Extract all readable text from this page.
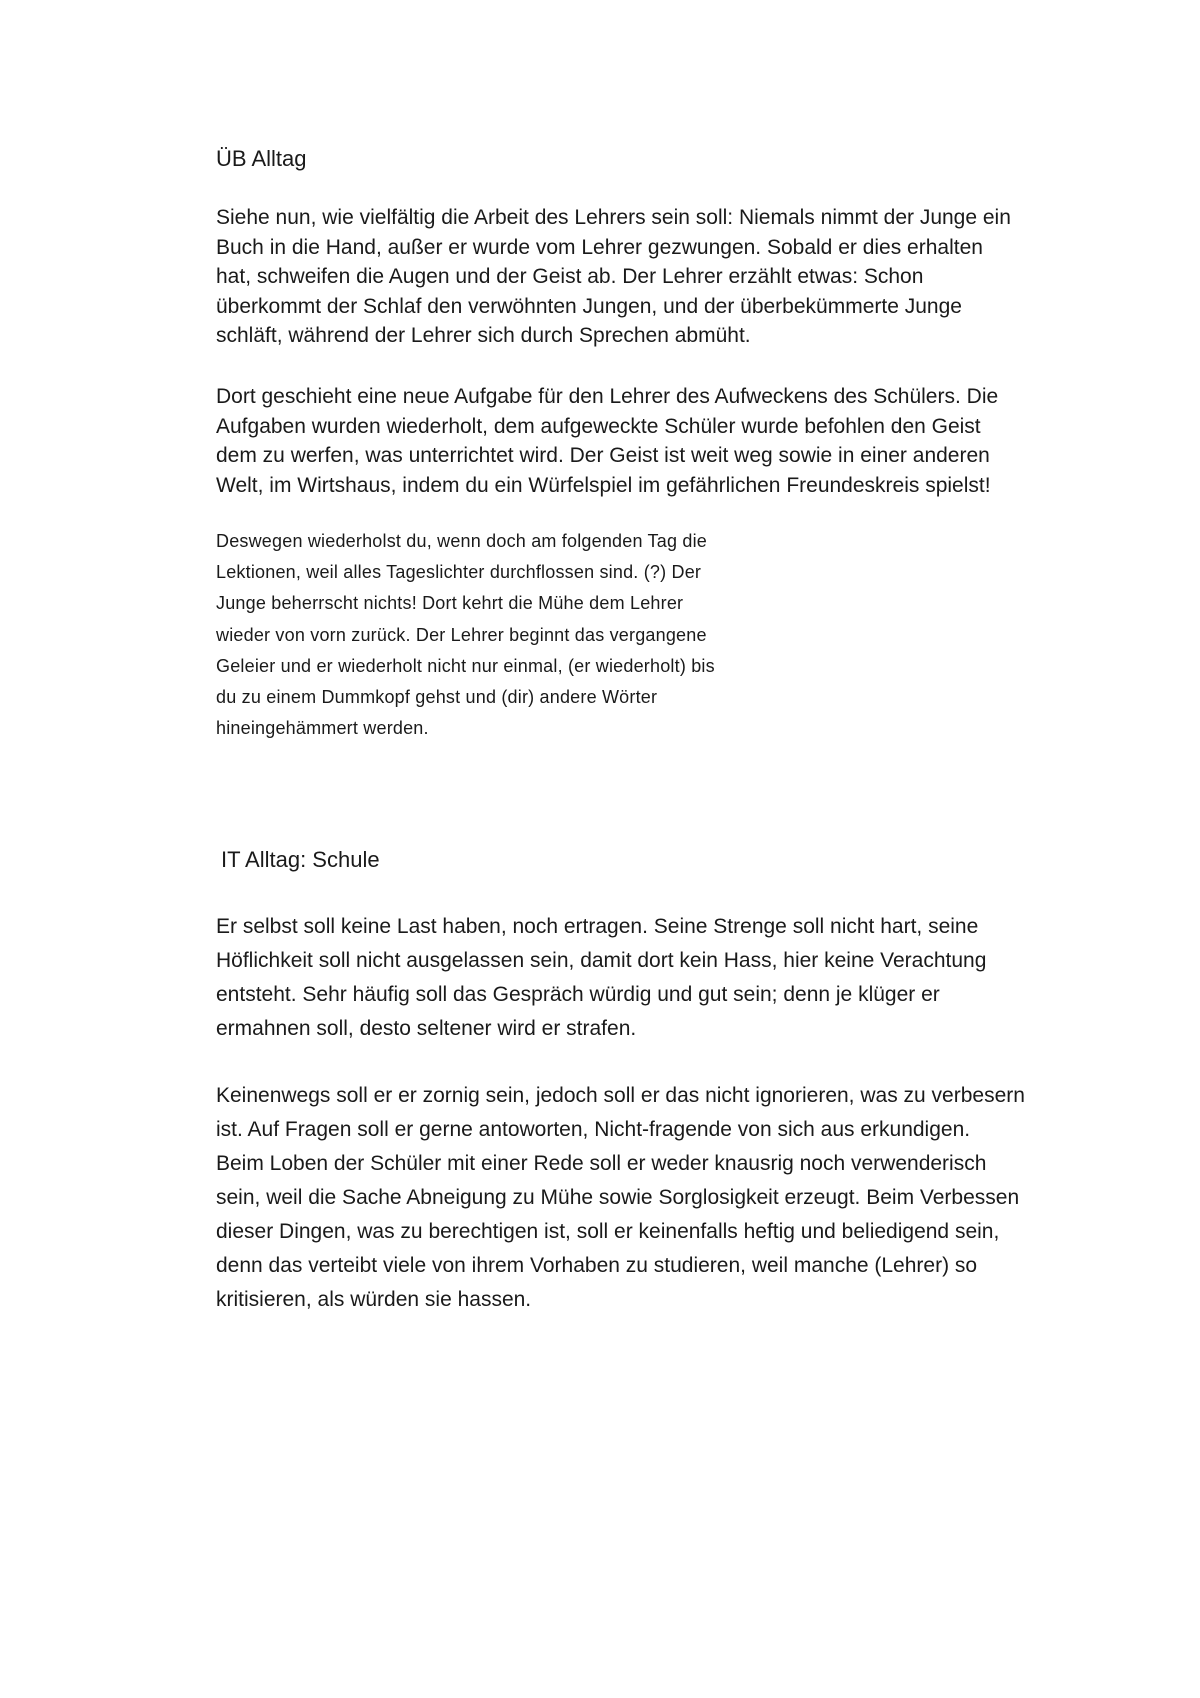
ÜB Alltag
Siehe nun, wie vielfältig die Arbeit des Lehrers sein soll: Niemals nimmt der Junge ein
Buch in die Hand, außer er wurde vom Lehrer gezwungen. Sobald er dies erhalten
hat, schweifen die Augen und der Geist ab. Der Lehrer erzählt etwas: Schon
überkommt der Schlaf den verwöhnten Jungen, und der überbekümmerte Junge
schläft, während der Lehrer sich durch Sprechen abmüht.
Dort geschieht eine neue Aufgabe für den Lehrer des Aufweckens des Schülers. Die
Aufgaben wurden wiederholt, dem aufgeweckte Schüler wurde befohlen den Geist
dem zu werfen, was unterrichtet wird. Der Geist ist weit weg sowie in einer anderen
Welt, im Wirtshaus, indem du ein Würfelspiel im gefährlichen Freundeskreis spielst!
Deswegen wiederholst du, wenn doch am folgenden Tag die
Lektionen, weil alles Tageslichter durchflossen sind. (?) Der
Junge beherrscht nichts! Dort kehrt die Mühe dem Lehrer
wieder von vorn zurück. Der Lehrer beginnt das vergangene
Geleier und er wiederholt nicht nur einmal, (er wiederholt) bis
du zu einem Dummkopf gehst und (dir) andere Wörter
hineingehämmert werden.
IT Alltag: Schule
Er selbst soll keine Last haben, noch ertragen. Seine Strenge soll nicht hart, seine
Höflichkeit soll nicht ausgelassen sein, damit dort kein Hass, hier keine Verachtung
entsteht. Sehr häufig soll das Gespräch würdig und gut sein; denn je klüger er
ermahnen soll, desto seltener wird er strafen.
Keinenwegs soll er er zornig sein, jedoch soll er das nicht ignorieren, was zu verbesern
ist. Auf Fragen soll er gerne antoworten, Nicht-fragende von sich aus erkundigen.
Beim Loben der Schüler mit einer Rede soll er weder knausrig noch verwenderisch
sein, weil die Sache Abneigung zu Mühe sowie Sorglosigkeit erzeugt. Beim Verbessen
dieser Dingen, was zu berechtigen ist, soll er keinenfalls heftig und beliedigend sein,
denn das verteibt viele von ihrem Vorhaben zu studieren, weil manche (Lehrer) so
kritisieren, als würden sie hassen.
